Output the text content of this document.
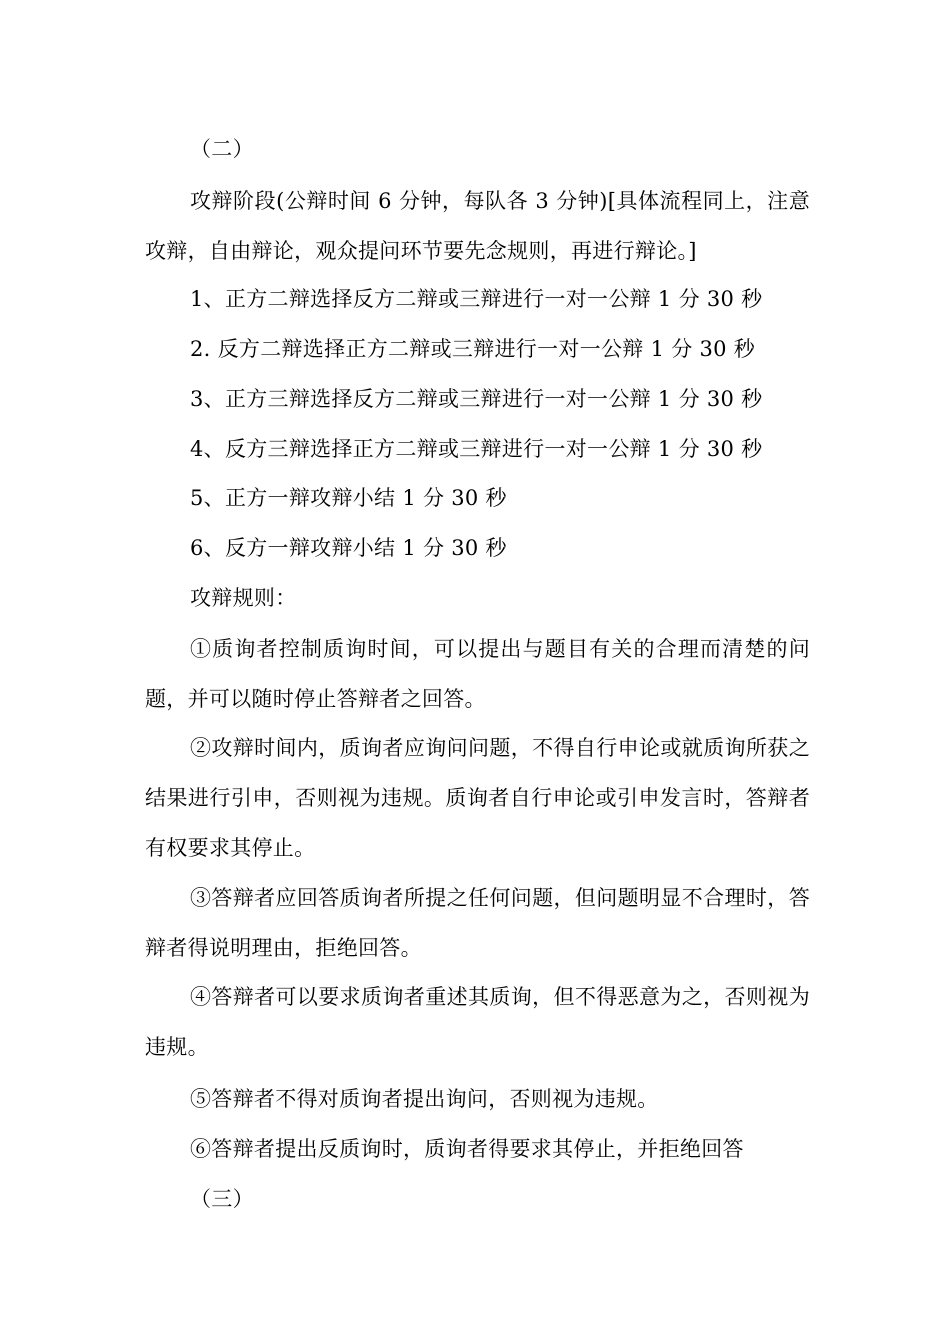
（二）
攻辩阶段(公辩时间 6 分钟，每队各 3 分钟)[具体流程同上，注意攻辩，自由辩论，观众提问环节要先念规则，再进行辩论。]
1、正方二辩选择反方二辩或三辩进行一对一公辩 1 分 30 秒
2. 反方二辩选择正方二辩或三辩进行一对一公辩 1 分 30 秒
3、正方三辩选择反方二辩或三辩进行一对一公辩 1 分 30 秒
4、反方三辩选择正方二辩或三辩进行一对一公辩 1 分 30 秒
5、正方一辩攻辩小结 1 分 30 秒
6、反方一辩攻辩小结 1 分 30 秒
攻辩规则：
①质询者控制质询时间，可以提出与题目有关的合理而清楚的问题，并可以随时停止答辩者之回答。
②攻辩时间内，质询者应询问问题，不得自行申论或就质询所获之结果进行引申，否则视为违规。质询者自行申论或引申发言时，答辩者有权要求其停止。
③答辩者应回答质询者所提之任何问题，但问题明显不合理时，答辩者得说明理由，拒绝回答。
④答辩者可以要求质询者重述其质询，但不得恶意为之，否则视为违规。
⑤答辩者不得对质询者提出询问，否则视为违规。
⑥答辩者提出反质询时，质询者得要求其停止，并拒绝回答
（三）
